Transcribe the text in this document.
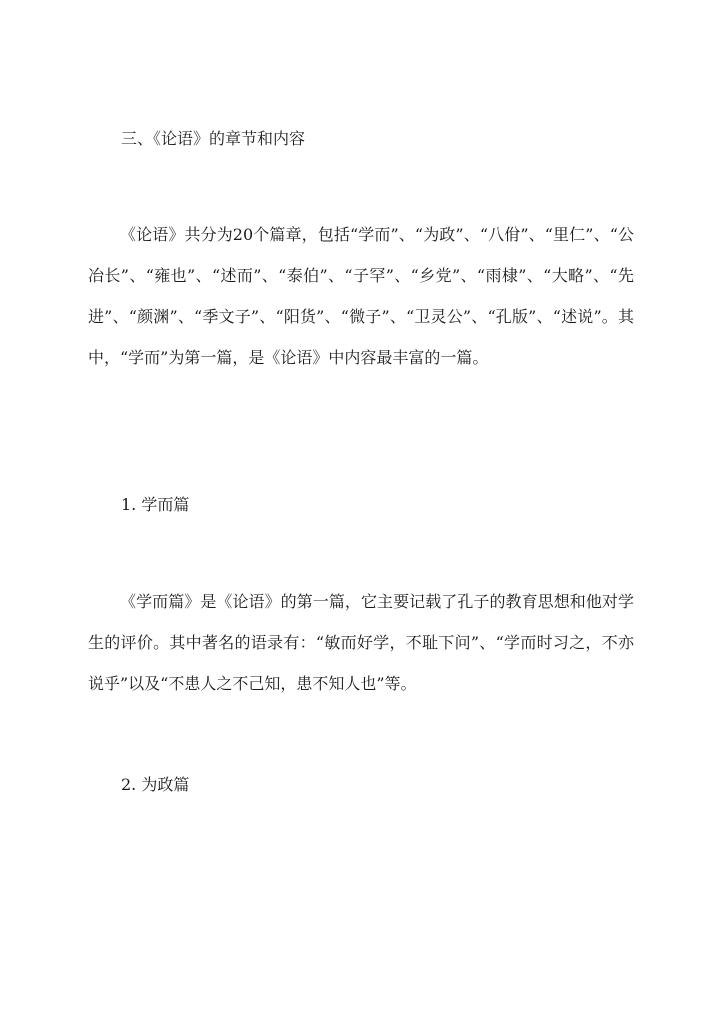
三、《论语》的章节和内容

《论语》共分为20个篇章，包括“学而”、“为政”、“八佾”、“里仁”、“公冶长”、“雍也”、“述而”、“泰伯”、“子罕”、“乡党”、“雨棣”、“大略”、“先进”、“颜渊”、“季文子”、“阳货”、“微子”、“卫灵公”、“孔版”、“述说”。其中，“学而”为第一篇，是《论语》中内容最丰富的一篇。

1. 学而篇

《学而篇》是《论语》的第一篇，它主要记载了孔子的教育思想和他对学生的评价。其中著名的语录有：“敏而好学，不耻下问”、“学而时习之，不亦说乎”以及“不患人之不己知，患不知人也”等。

2. 为政篇
